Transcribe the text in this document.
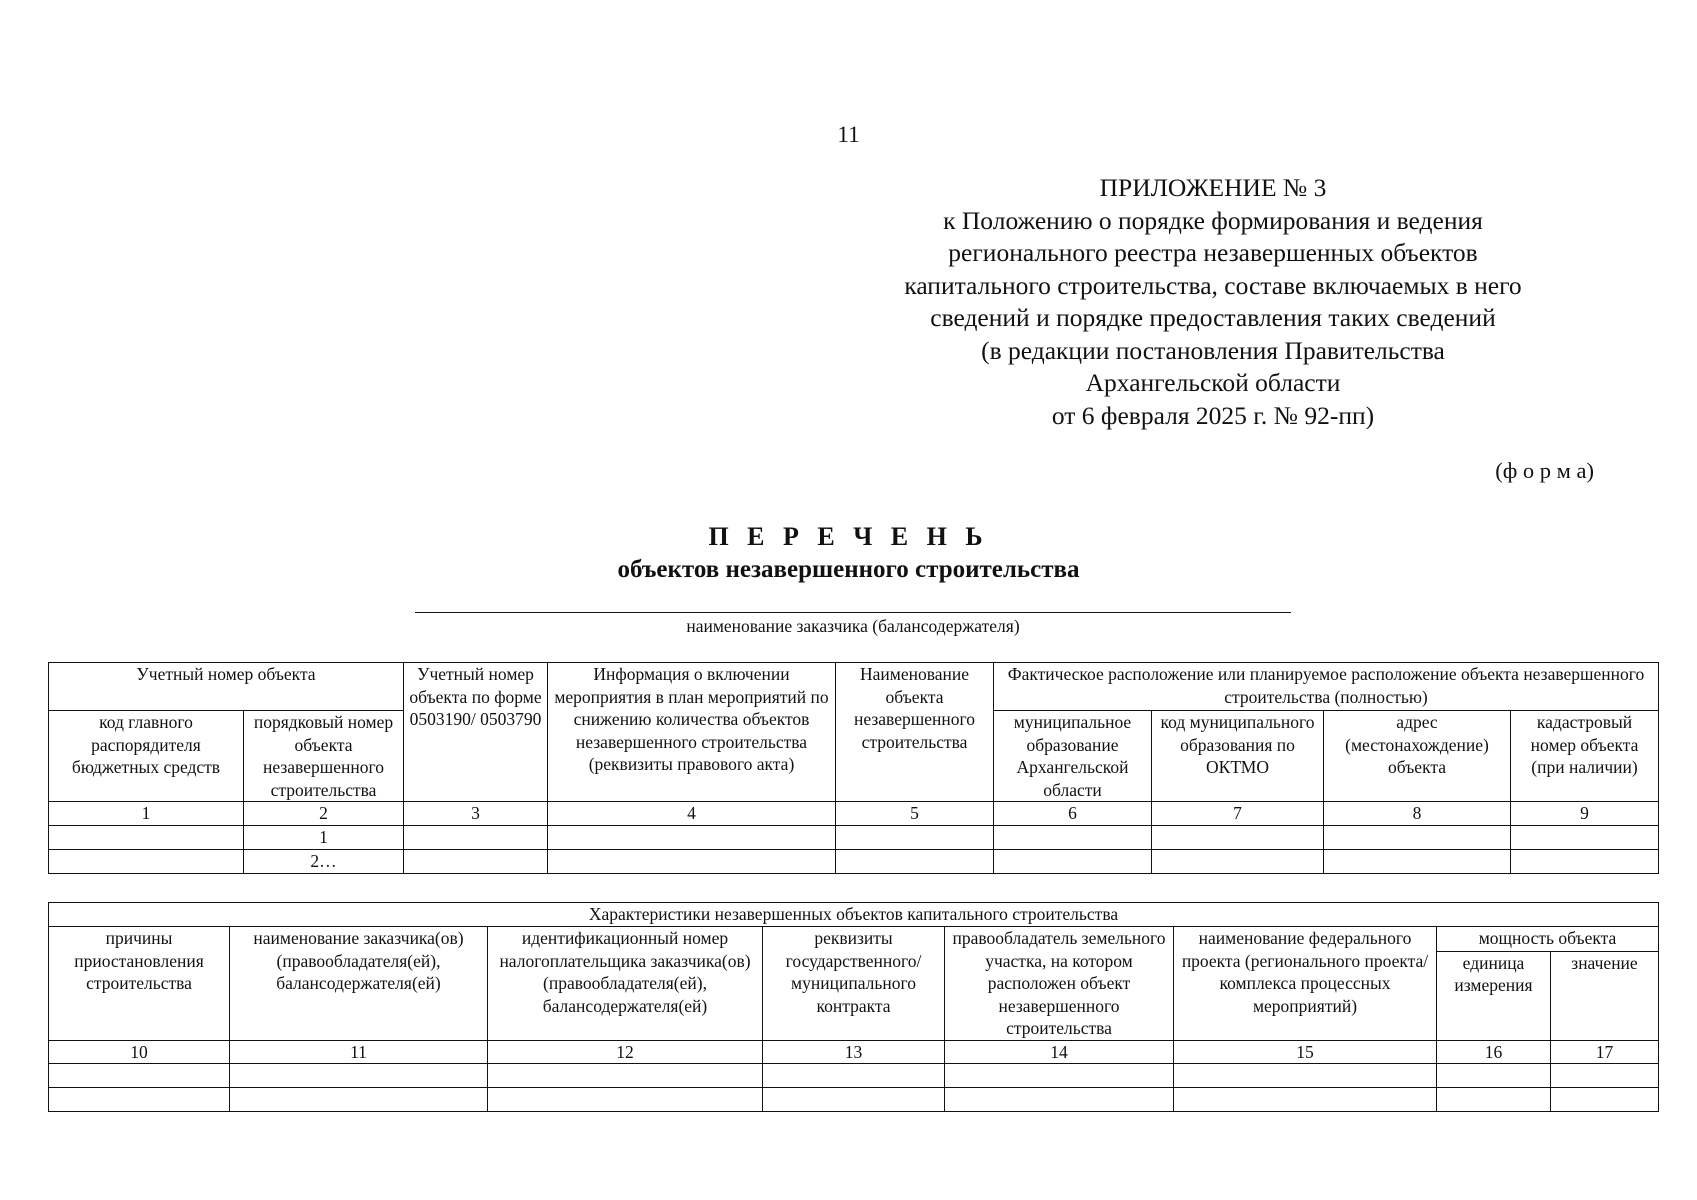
11
ПРИЛОЖЕНИЕ № 3
к Положению о порядке формирования и ведения
регионального реестра незавершенных объектов
капитального строительства, составе включаемых в него
сведений и порядке предоставления таких сведений
(в редакции постановления Правительства
Архангельской области
от 6 февраля 2025 г. № 92-пп)
(ф о р м а)
П Е Р Е Ч Е Н Ь
объектов незавершенного строительства
наименование заказчика (балансодержателя)
Учетный номер объекта		Учетный номер объекта по форме 0503190/ 0503790	Информация о включении мероприятия в план мероприятий по снижению количества объектов незавершенного строительства (реквизиты правового акта)	Наименование объекта незавершенного строительства	Фактическое расположение или планируемое расположение объекта незавершенного строительства (полностью)			
код главного распорядителя бюджетных средств	порядковый номер объекта незавершенного строительства				муниципальное образование Архангельской области	код муниципального образования по ОКТМО	адрес (местонахождение) объекта	кадастровый номер объекта (при наличии)
1	2	3	4	5	6	7	8	9
	1							
	2…							
Характеристики незавершенных объектов капитального строительства							
причины приостановления строительства	наименование заказчика(ов) (правообладателя(ей), балансодержателя(ей)	идентификационный номер налогоплательщика заказчика(ов) (правообладателя(ей), балансодержателя(ей)	реквизиты государственного/ муниципального контракта	правообладатель земельного участка, на котором расположен объект незавершенного строительства	наименование федерального проекта (регионального проекта/ комплекса процессных мероприятий)	мощность объекта	
						единица измерения	значение
10	11	12	13	14	15	16	17
